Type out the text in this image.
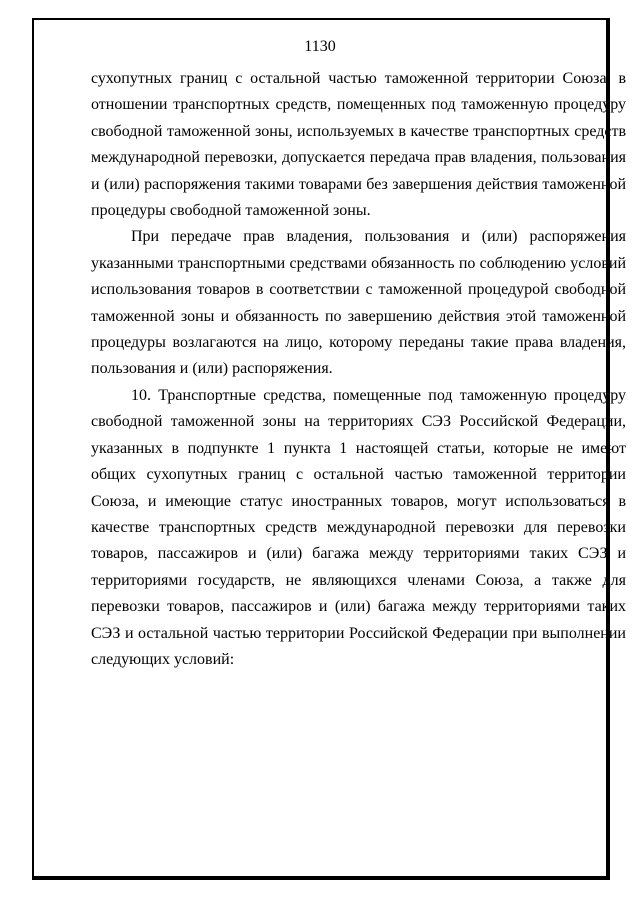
1130

сухопутных границ с остальной частью таможенной территории Союза, в отношении транспортных средств, помещенных под таможенную процедуру свободной таможенной зоны, используемых в качестве транспортных средств международной перевозки, допускается передача прав владения, пользования и (или) распоряжения такими товарами без завершения действия таможенной процедуры свободной таможенной зоны.

При передаче прав владения, пользования и (или) распоряжения указанными транспортными средствами обязанность по соблюдению условий использования товаров в соответствии с таможенной процедурой свободной таможенной зоны и обязанность по завершению действия этой таможенной процедуры возлагаются на лицо, которому переданы такие права владения, пользования и (или) распоряжения.

10. Транспортные средства, помещенные под таможенную процедуру свободной таможенной зоны на территориях СЭЗ Российской Федерации, указанных в подпункте 1 пункта 1 настоящей статьи, которые не имеют общих сухопутных границ с остальной частью таможенной территории Союза, и имеющие статус иностранных товаров, могут использоваться в качестве транспортных средств международной перевозки для перевозки товаров, пассажиров и (или) багажа между территориями таких СЭЗ и территориями государств, не являющихся членами Союза, а также для перевозки товаров, пассажиров и (или) багажа между территориями таких СЭЗ и остальной частью территории Российской Федерации при выполнении следующих условий:
